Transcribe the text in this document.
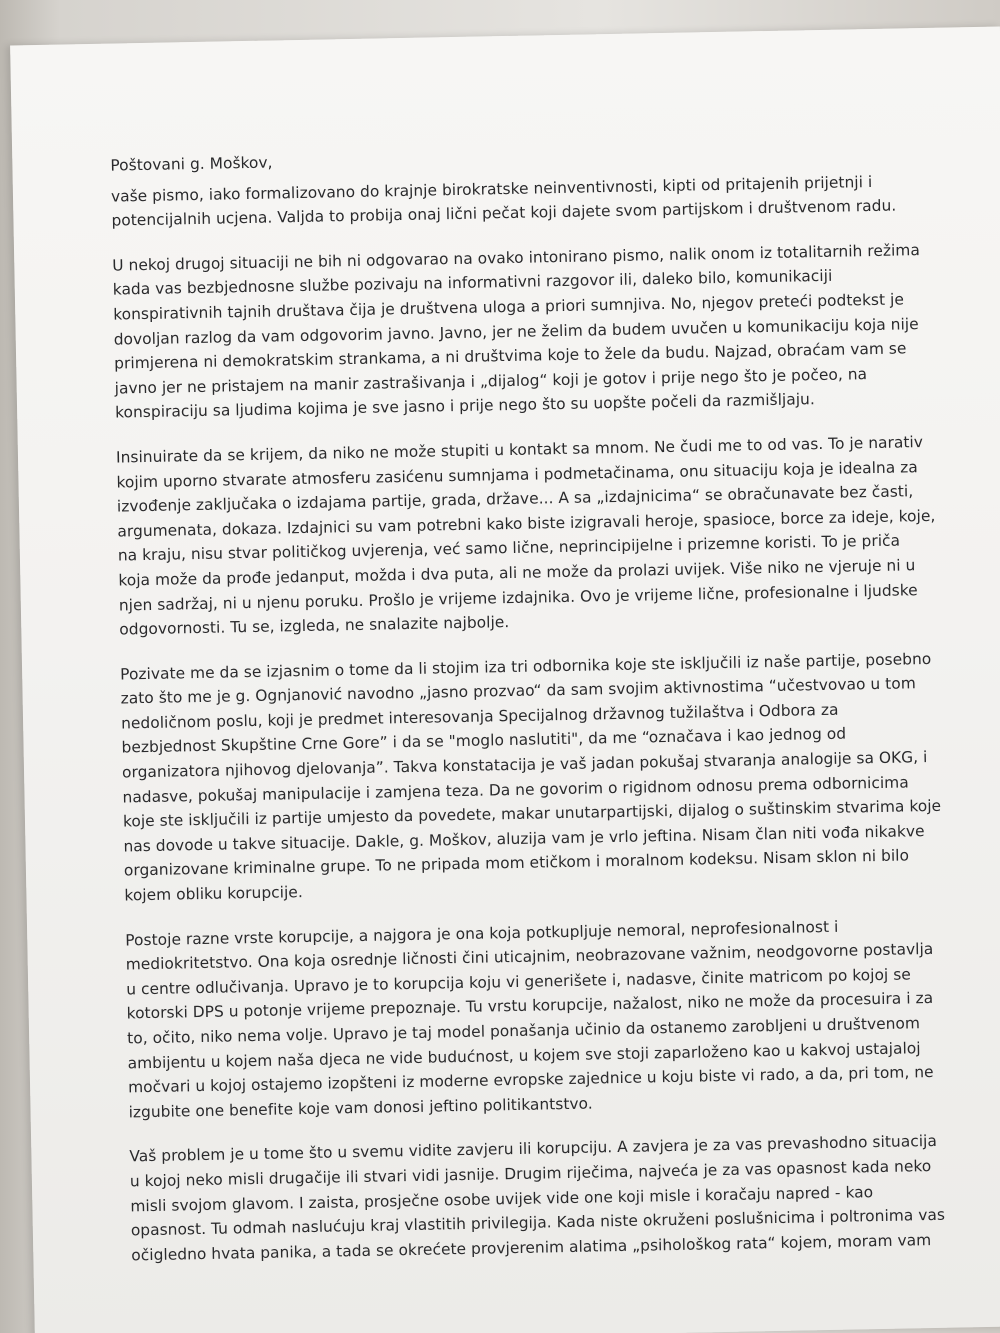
Poštovani g. Moškov,
vaše pismo, iako formalizovano do krajnje birokratske neinventivnosti, kipti od pritajenih prijetnji i
potencijalnih ucjena. Valjda to probija onaj lični pečat koji dajete svom partijskom i društvenom radu.
U nekoj drugoj situaciji ne bih ni odgovarao na ovako intonirano pismo, nalik onom iz totalitarnih režima
kada vas bezbjednosne službe pozivaju na informativni razgovor ili, daleko bilo, komunikaciji
konspirativnih tajnih društava čija je društvena uloga a priori sumnjiva. No, njegov preteći podtekst je
dovoljan razlog da vam odgovorim javno. Javno, jer ne želim da budem uvučen u komunikaciju koja nije
primjerena ni demokratskim strankama, a ni društvima koje to žele da budu. Najzad, obraćam vam se
javno jer ne pristajem na manir zastrašivanja i „dijalog“ koji je gotov i prije nego što je počeo, na
konspiraciju sa ljudima kojima je sve jasno i prije nego što su uopšte počeli da razmišljaju.
Insinuirate da se krijem, da niko ne može stupiti u kontakt sa mnom. Ne čudi me to od vas. To je narativ
kojim uporno stvarate atmosferu zasićenu sumnjama i podmetačinama, onu situaciju koja je idealna za
izvođenje zaključaka o izdajama partije, grada, države... A sa „izdajnicima“ se obračunavate bez časti,
argumenata, dokaza. Izdajnici su vam potrebni kako biste izigravali heroje, spasioce, borce za ideje, koje,
na kraju, nisu stvar političkog uvjerenja, već samo lične, neprincipijelne i prizemne koristi. To je priča
koja može da prođe jedanput, možda i dva puta, ali ne može da prolazi uvijek. Više niko ne vjeruje ni u
njen sadržaj, ni u njenu poruku. Prošlo je vrijeme izdajnika. Ovo je vrijeme lične, profesionalne i ljudske
odgovornosti. Tu se, izgleda, ne snalazite najbolje.
Pozivate me da se izjasnim o tome da li stojim iza tri odbornika koje ste isključili iz naše partije, posebno
zato što me je g. Ognjanović navodno „jasno prozvao“ da sam svojim aktivnostima “učestvovao u tom
nedoličnom poslu, koji je predmet interesovanja Specijalnog državnog tužilaštva i Odbora za
bezbjednost Skupštine Crne Gore” i da se "moglo naslutiti", da me “označava i kao jednog od
organizatora njihovog djelovanja”. Takva konstatacija je vaš jadan pokušaj stvaranja analogije sa OKG, i
nadasve, pokušaj manipulacije i zamjena teza. Da ne govorim o rigidnom odnosu prema odbornicima
koje ste isključili iz partije umjesto da povedete, makar unutarpartijski, dijalog o suštinskim stvarima koje
nas dovode u takve situacije. Dakle, g. Moškov, aluzija vam je vrlo jeftina. Nisam član niti vođa nikakve
organizovane kriminalne grupe. To ne pripada mom etičkom i moralnom kodeksu. Nisam sklon ni bilo
kojem obliku korupcije.
Postoje razne vrste korupcije, a najgora je ona koja potkupljuje nemoral, neprofesionalnost i
mediokritetstvo. Ona koja osrednje ličnosti čini uticajnim, neobrazovane važnim, neodgovorne postavlja
u centre odlučivanja. Upravo je to korupcija koju vi generišete i, nadasve, činite matricom po kojoj se
kotorski DPS u potonje vrijeme prepoznaje. Tu vrstu korupcije, nažalost, niko ne može da procesuira i za
to, očito, niko nema volje. Upravo je taj model ponašanja učinio da ostanemo zarobljeni u društvenom
ambijentu u kojem naša djeca ne vide budućnost, u kojem sve stoji zaparloženo kao u kakvoj ustajaloj
močvari u kojoj ostajemo izopšteni iz moderne evropske zajednice u koju biste vi rado, a da, pri tom, ne
izgubite one benefite koje vam donosi jeftino politikantstvo.
Vaš problem je u tome što u svemu vidite zavjeru ili korupciju. A zavjera je za vas prevashodno situacija
u kojoj neko misli drugačije ili stvari vidi jasnije. Drugim riječima, najveća je za vas opasnost kada neko
misli svojom glavom. I zaista, prosječne osobe uvijek vide one koji misle i koračaju napred - kao
opasnost. Tu odmah naslućuju kraj vlastitih privilegija. Kada niste okruženi poslušnicima i poltronima vas
očigledno hvata panika, a tada se okrećete provjerenim alatima „psihološkog rata“ kojem, moram vam
